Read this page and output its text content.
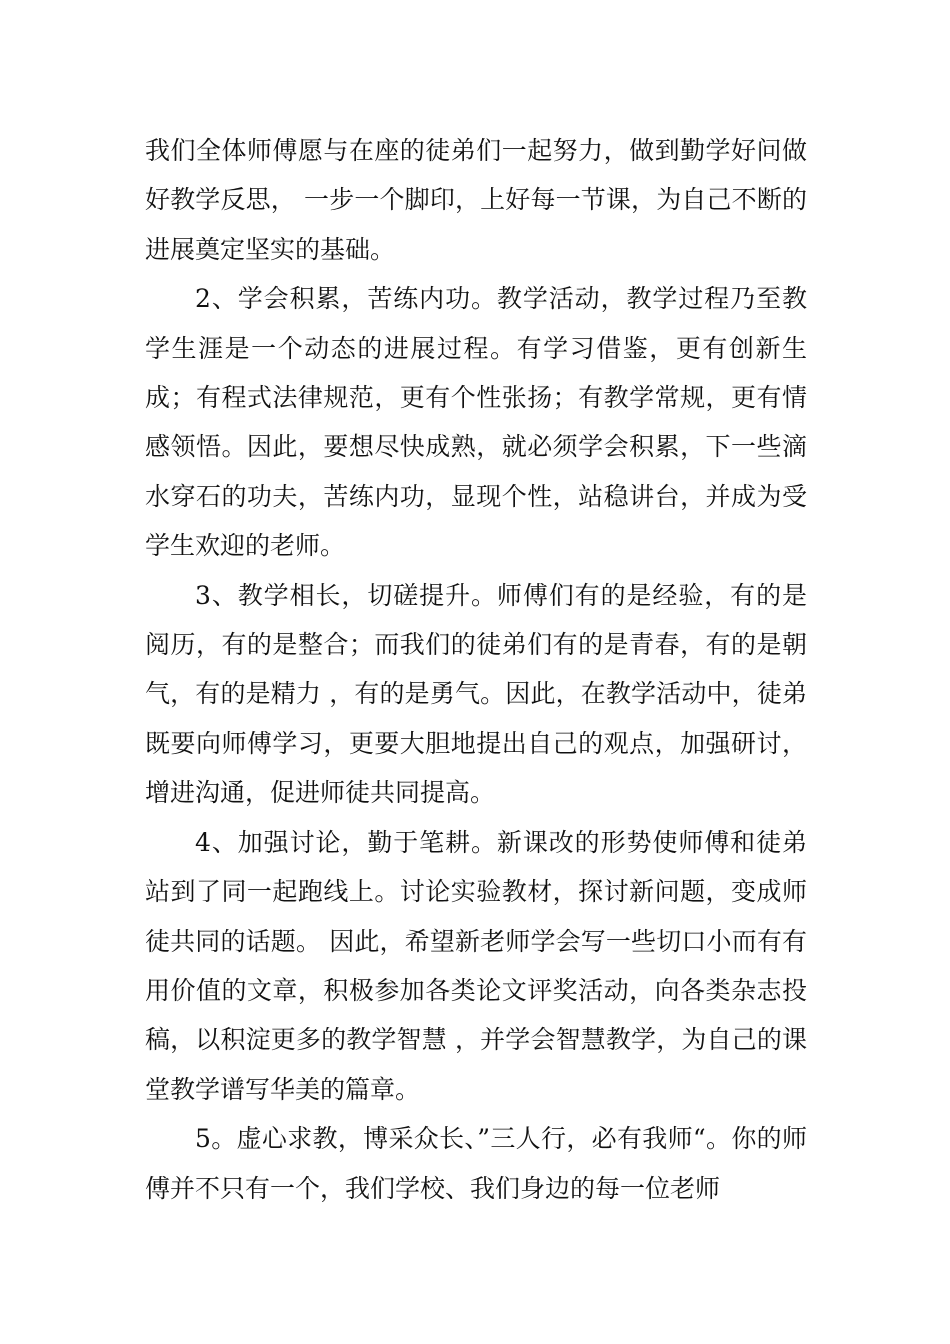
我们全体师傅愿与在座的徒弟们一起努力，做到勤学好问做好教学反思， 一步一个脚印，上好每一节课，为自己不断的进展奠定坚实的基础。

2、学会积累，苦练内功。教学活动，教学过程乃至教学生涯是一个动态的进展过程。有学习借鉴，更有创新生成；有程式法律规范，更有个性张扬；有教学常规，更有情感领悟。因此，要想尽快成熟，就必须学会积累，下一些滴水穿石的功夫，苦练内功，显现个性，站稳讲台，并成为受学生欢迎的老师。

3、教学相长，切磋提升。师傅们有的是经验，有的是阅历，有的是整合；而我们的徒弟们有的是青春，有的是朝气，有的是精力 ，有的是勇气。因此，在教学活动中，徒弟既要向师傅学习，更要大胆地提出自己的观点，加强研讨，增进沟通，促进师徒共同提高。

4、加强讨论，勤于笔耕。新课改的形势使师傅和徒弟站到了同一起跑线上。讨论实验教材，探讨新问题，变成师徒共同的话题。 因此，希望新老师学会写一些切口小而有有用价值的文章，积极参加各类论文评奖活动，向各类杂志投稿，以积淀更多的教学智慧 ，并学会智慧教学，为自己的课堂教学谱写华美的篇章。

5。虚心求教，博采众长、”三人行，必有我师“。你的师傅并不只有一个，我们学校、我们身边的每一位老师
